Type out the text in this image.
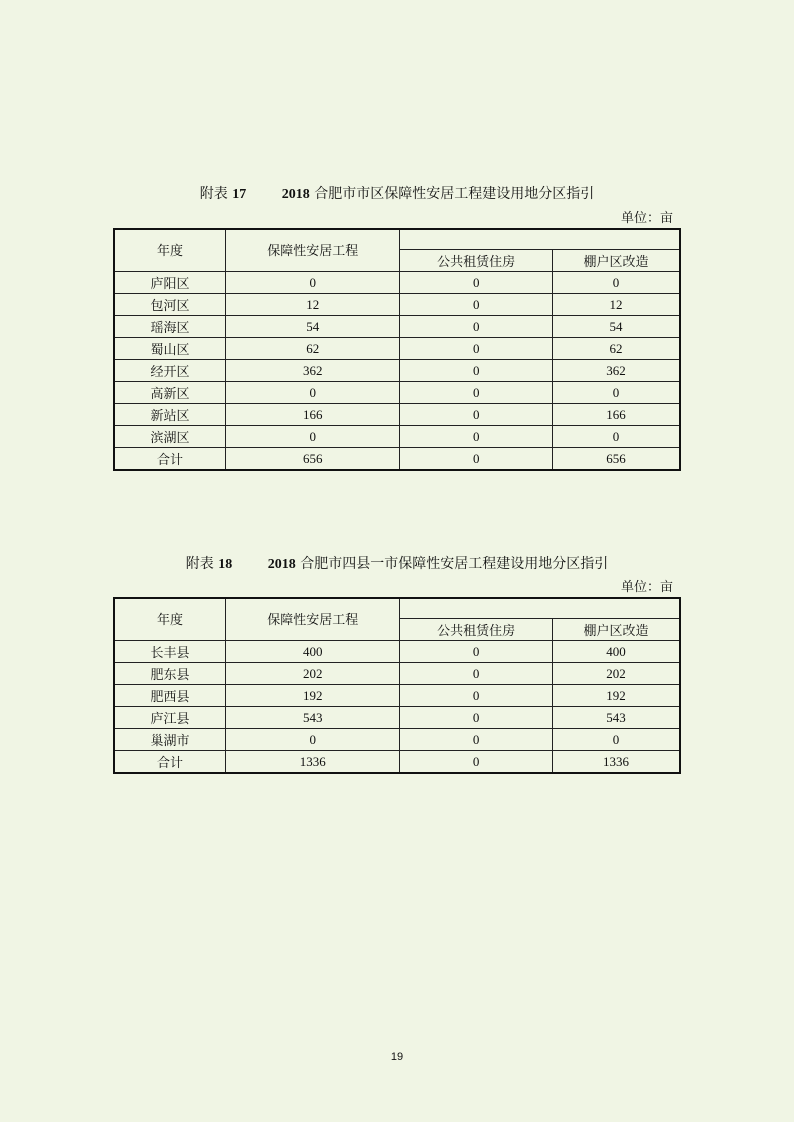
附表 17	2018 合肥市市区保障性安居工程建设用地分区指引
单位：亩
年度	保障性安居工程		
		公共租赁住房	棚户区改造
庐阳区	0	0	0
包河区	12	0	12
瑶海区	54	0	54
蜀山区	62	0	62
经开区	362	0	362
高新区	0	0	0
新站区	166	0	166
滨湖区	0	0	0
合计	656	0	656
附表 18	2018 合肥市四县一市保障性安居工程建设用地分区指引
单位：亩
年度	保障性安居工程		
		公共租赁住房	棚户区改造
长丰县	400	0	400
肥东县	202	0	202
肥西县	192	0	192
庐江县	543	0	543
巢湖市	0	0	0
合计	1336	0	1336
19
